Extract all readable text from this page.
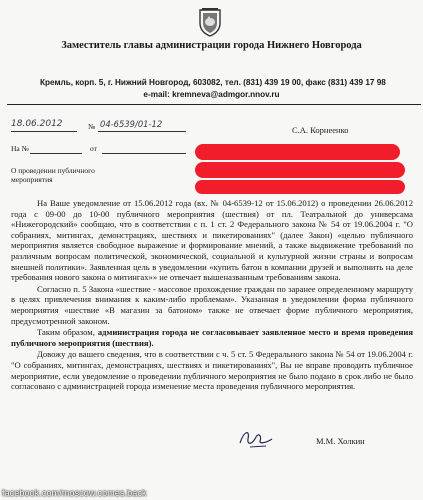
Заместитель главы администрации города Нижнего Новгорода
Кремль, корп. 5, г. Нижний Новгород, 603082, тел. (831) 439 19 00, факс (831) 439 17 98
e-mail: kremneva@admgor.nnov.ru
18.06.2012	№ 04-6539/01-12
На №	от
С.А. Корнеенко
О проведении публичного мероприятия

На Ваше уведомление от 15.06.2012 года (вх. № 04-6539-12 от 15.06.2012) о проведении 26.06.2012 года с 09-00 до 10-00 публичного мероприятия (шествия) от пл. Театральной до универсама «Нижегородский» сообщаю, что в соответствии с п. 1 ст. 2 Федерального закона № 54 от 19.06.2004 г. "О собраниях, митингах, демонстрациях, шествиях и пикетированиях" (далее Закон) «целью публичного мероприятия является свободное выражение и формирование мнений, а также выдвижение требований по различным вопросам политической, экономической, социальной и культурной жизни страны и вопросам внешней политики». Заявленная цель в уведомлении «купить батон в компании друзей и выполнить на деле требования нового закона о митингах»» не отвечает вышеназванным требованиям закона.

Согласно п. 5 Закона «шествие - массовое прохождение граждан по заранее определенному маршруту в целях привлечения внимания к каким-либо проблемам». Указанная в уведомлении форма публичного мероприятия «шествие «В магазин за батоном» также не отвечает форме публичного мероприятия, предусмотренной законом.

Таким образом, администрация города не согласовывает заявленное место и время проведения публичного мероприятия (шествия).

Довожу до вашего сведения, что в соответствии с ч. 5 ст. 5 Федерального закона № 54 от 19.06.2004 г. "О собраниях, митингах, демонстрациях, шествиях и пикетированиях", Вы не вправе проводить публичное мероприятие, если уведомление о проведении публичного мероприятия не было подано в срок либо не было согласовано с администрацией города изменение места проведения публичного мероприятия.

М.М. Холкин
facebook.com/moscow.comes.back
